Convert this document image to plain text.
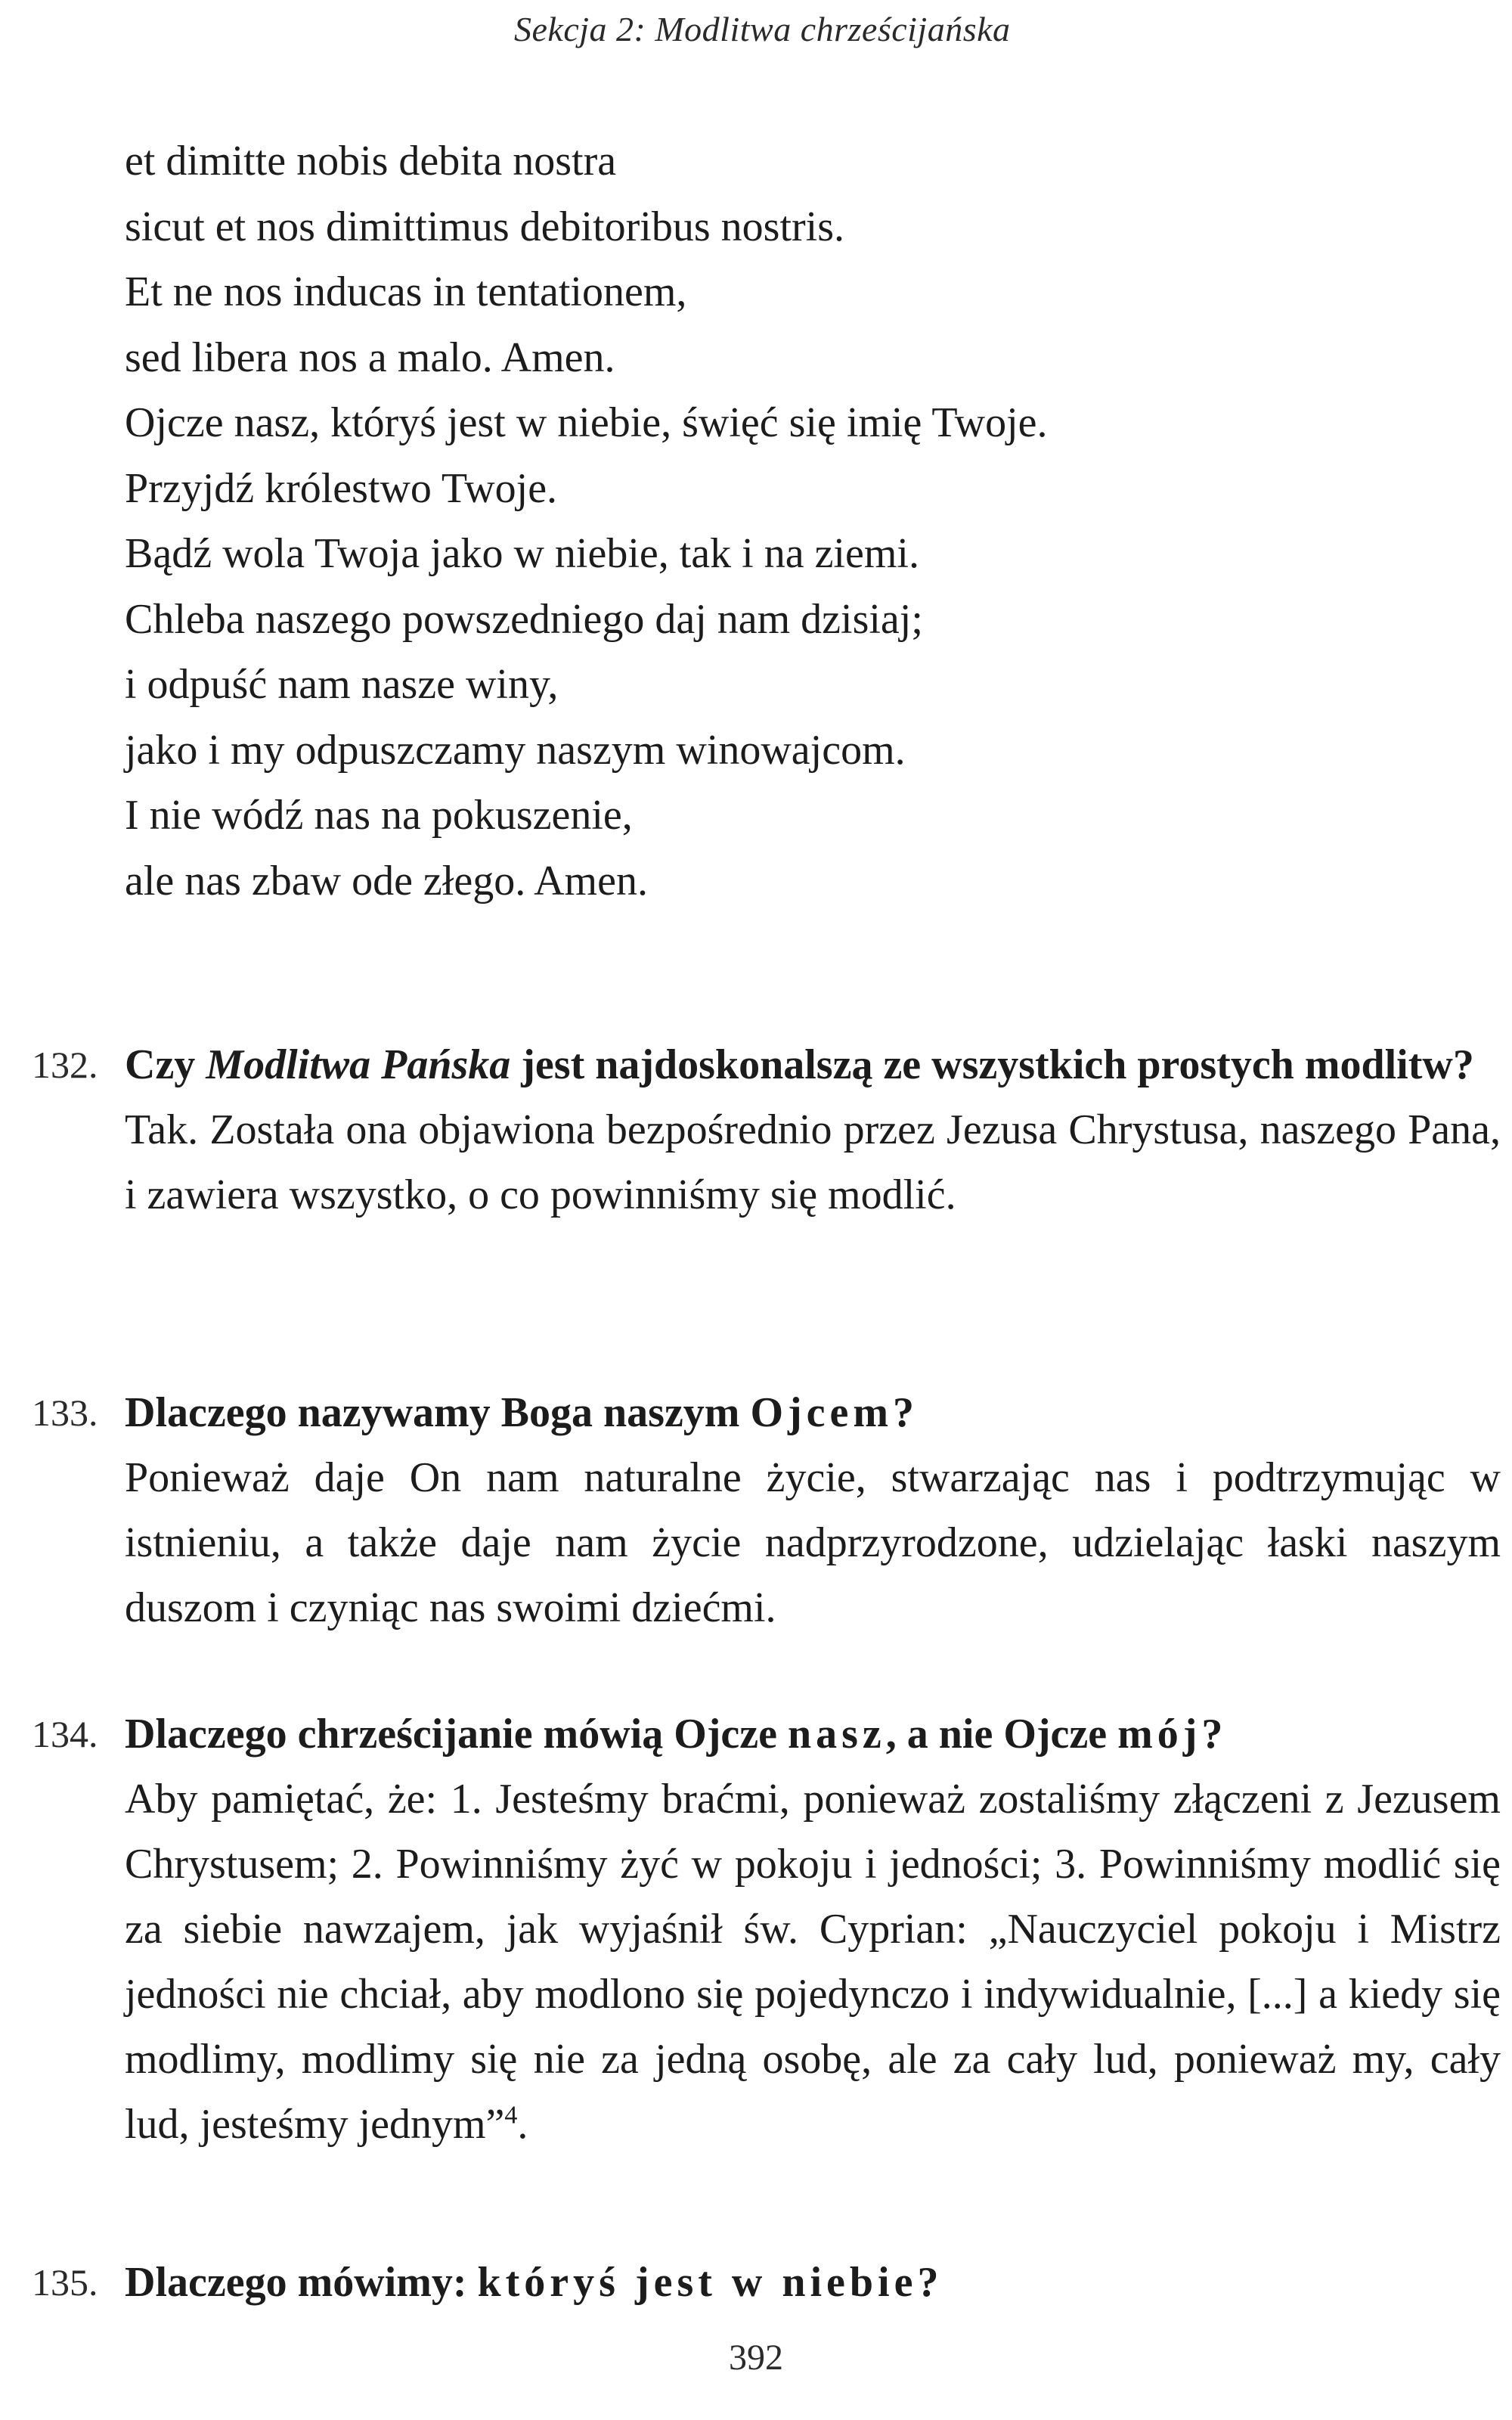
Sekcja 2: Modlitwa chrześcijańska
et dimitte nobis debita nostra
sicut et nos dimittimus debitoribus nostris.
Et ne nos inducas in tentationem,
sed libera nos a malo. Amen.
Ojcze nasz, któryś jest w niebie, święć się imię Twoje.
Przyjdź królestwo Twoje.
Bądź wola Twoja jako w niebie, tak i na ziemi.
Chleba naszego powszedniego daj nam dzisiaj;
i odpuść nam nasze winy,
jako i my odpuszczamy naszym winowajcom.
I nie wódź nas na pokuszenie,
ale nas zbaw ode złego. Amen.
132. Czy Modlitwa Pańska jest najdoskonalszą ze wszystkich prostych modlitw?
Tak. Została ona objawiona bezpośrednio przez Jezusa Chrystusa, naszego Pana, i zawiera wszystko, o co powinniśmy się modlić.
133. Dlaczego nazywamy Boga naszym Ojcem?
Ponieważ daje On nam naturalne życie, stwarzając nas i podtrzymując w istnieniu, a także daje nam życie nadprzyrodzone, udzielając łaski naszym duszom i czyniąc nas swoimi dziećmi.
134. Dlaczego chrześcijanie mówią Ojcze nasz, a nie Ojcze mój?
Aby pamiętać, że: 1. Jesteśmy braćmi, ponieważ zostaliśmy złączeni z Jezusem Chrystusem; 2. Powinniśmy żyć w pokoju i jedności; 3. Powinniśmy modlić się za siebie nawzajem, jak wyjaśnił św. Cyprian: „Nauczyciel pokoju i Mistrz jedności nie chciał, aby modlono się pojedynczo i indywidualnie, [...] a kiedy się modlimy, modlimy się nie za jedną osobę, ale za cały lud, ponieważ my, cały lud, jesteśmy jednym”$^4$.
135. Dlaczego mówimy: któryś jest w niebie?
392
